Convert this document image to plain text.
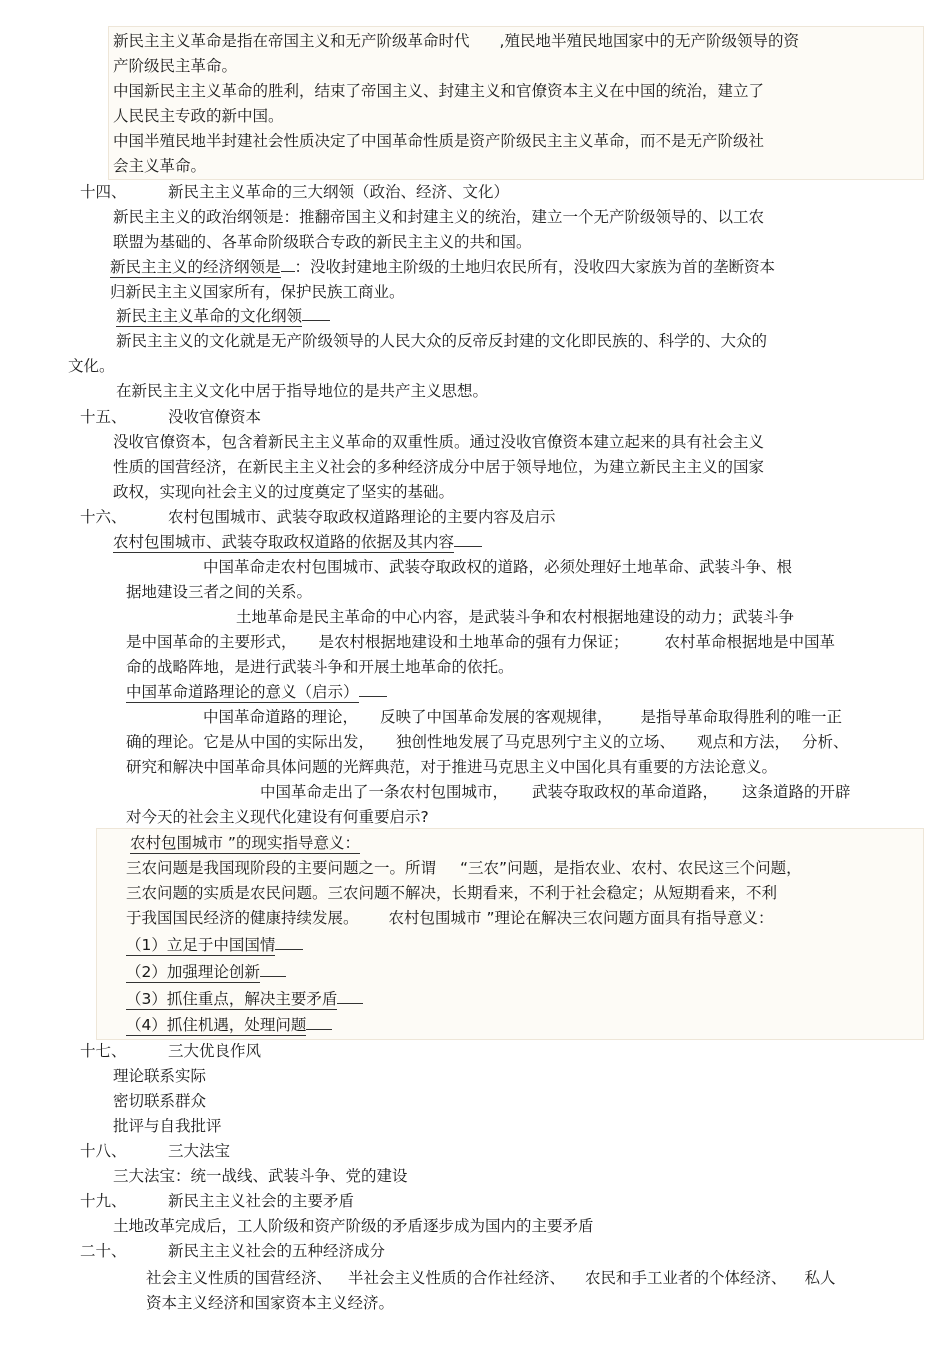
新民主主义革命是指在帝国主义和无产阶级革命时代 ,殖民地半殖民地国家中的无产阶级领导的资
产阶级民主革命。
中国新民主主义革命的胜利，结束了帝国主义、封建主义和官僚资本主义在中国的统治，建立了
人民民主专政的新中国。
中国半殖民地半封建社会性质决定了中国革命性质是资产阶级民主主义革命，而不是无产阶级社
会主义革命。
十四、	新民主主义革命的三大纲领（政治、经济、文化）
新民主主义的政治纲领是：推翻帝国主义和封建主义的统治，建立一个无产阶级领导的、以工农
联盟为基础的、各革命阶级联合专政的新民主主义的共和国。
新民主主义的经济纲领是 ：没收封建地主阶级的土地归农民所有，没收四大家族为首的垄断资本
归新民主主义国家所有，保护民族工商业。
新民主主义革命的文化纲领
新民主主义的文化就是无产阶级领导的人民大众的反帝反封建的文化即民族的、科学的、大众的
文化。
在新民主主义文化中居于指导地位的是共产主义思想。
十五、	没收官僚资本
没收官僚资本，包含着新民主主义革命的双重性质。通过没收官僚资本建立起来的具有社会主义
性质的国营经济，在新民主主义社会的多种经济成分中居于领导地位，为建立新民主主义的国家
政权，实现向社会主义的过度奠定了坚实的基础。
十六、	农村包围城市、武装夺取政权道路理论的主要内容及启示
农村包围城市、武装夺取政权道路的依据及其内容
中国革命走农村包围城市、武装夺取政权的道路，必须处理好土地革命、武装斗争、根
据地建设三者之间的关系。
土地革命是民主革命的中心内容，是武装斗争和农村根据地建设的动力；武装斗争
是中国革命的主要形式， 是农村根据地建设和土地革命的强有力保证； 农村革命根据地是中国革
命的战略阵地，是进行武装斗争和开展土地革命的依托。
中国革命道路理论的意义（启示）
中国革命道路的理论， 反映了中国革命发展的客观规律， 是指导革命取得胜利的唯一正
确的理论。它是从中国的实际出发， 独创性地发展了马克思列宁主义的立场、 观点和方法， 分析、
研究和解决中国革命具体问题的光辉典范，对于推进马克思主义中国化具有重要的方法论意义。
中国革命走出了一条农村包围城市， 武装夺取政权的革命道路， 这条道路的开辟
对今天的社会主义现代化建设有何重要启示?
农村包围城市 ”的现实指导意义：
三农问题是我国现阶段的主要问题之一。所谓 “三农”问题，是指农业、农村、农民这三个问题，
三农问题的实质是农民问题。三农问题不解决，长期看来，不利于社会稳定；从短期看来，不利
于我国国民经济的健康持续发展。 农村包围城市 ”理论在解决三农问题方面具有指导意义：
（1）立足于中国国情
（2）加强理论创新
（3）抓住重点，解决主要矛盾
（4）抓住机遇，处理问题
十七、	三大优良作风
理论联系实际
密切联系群众
批评与自我批评
十八、	三大法宝
三大法宝：统一战线、武装斗争、党的建设
十九、	新民主主义社会的主要矛盾
土地改革完成后，工人阶级和资产阶级的矛盾逐步成为国内的主要矛盾
二十、	新民主主义社会的五种经济成分
社会主义性质的国营经济、 半社会主义性质的合作社经济、 农民和手工业者的个体经济、 私人
资本主义经济和国家资本主义经济。
